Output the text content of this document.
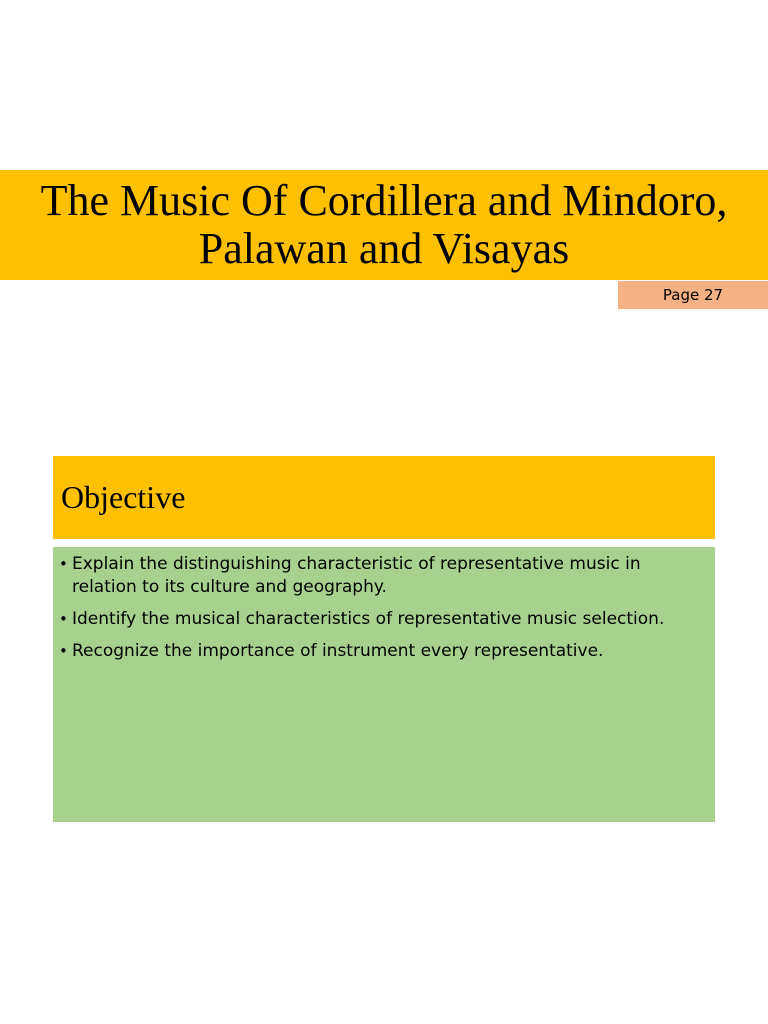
The Music Of Cordillera and Mindoro,
Palawan and Visayas
Page 27
Objective
• Explain the distinguishing characteristic of representative music in relation to its culture and geography.
• Identify the musical characteristics of representative music selection.
• Recognize the importance of instrument every representative.
